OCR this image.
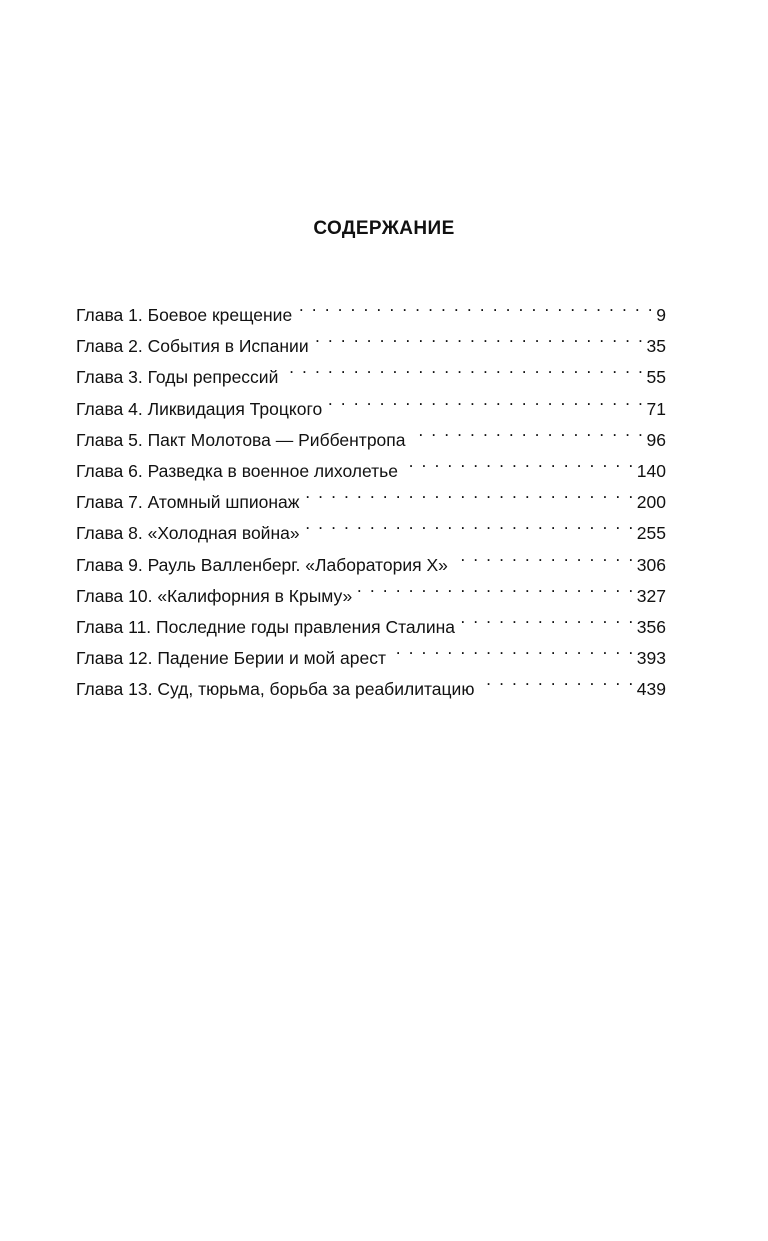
СОДЕРЖАНИЕ
Глава 1. Боевое крещение . . .	9
Глава 2. События в Испании . . .	35
Глава 3. Годы репрессий . . .	55
Глава 4. Ликвидация Троцкого . . .	71
Глава 5. Пакт Молотова — Риббентропа . . .	96
Глава 6. Разведка в военное лихолетье . . .	140
Глава 7. Атомный шпионаж . . .	200
Глава 8. «Холодная война» . . .	255
Глава 9. Рауль Валленберг. «Лаборатория Х» . . .	306
Глава 10. «Калифорния в Крыму» . . .	327
Глава 11. Последние годы правления Сталина . . .	356
Глава 12. Падение Берии и мой арест . . .	393
Глава 13. Суд, тюрьма, борьба за реабилитацию . . .	439
